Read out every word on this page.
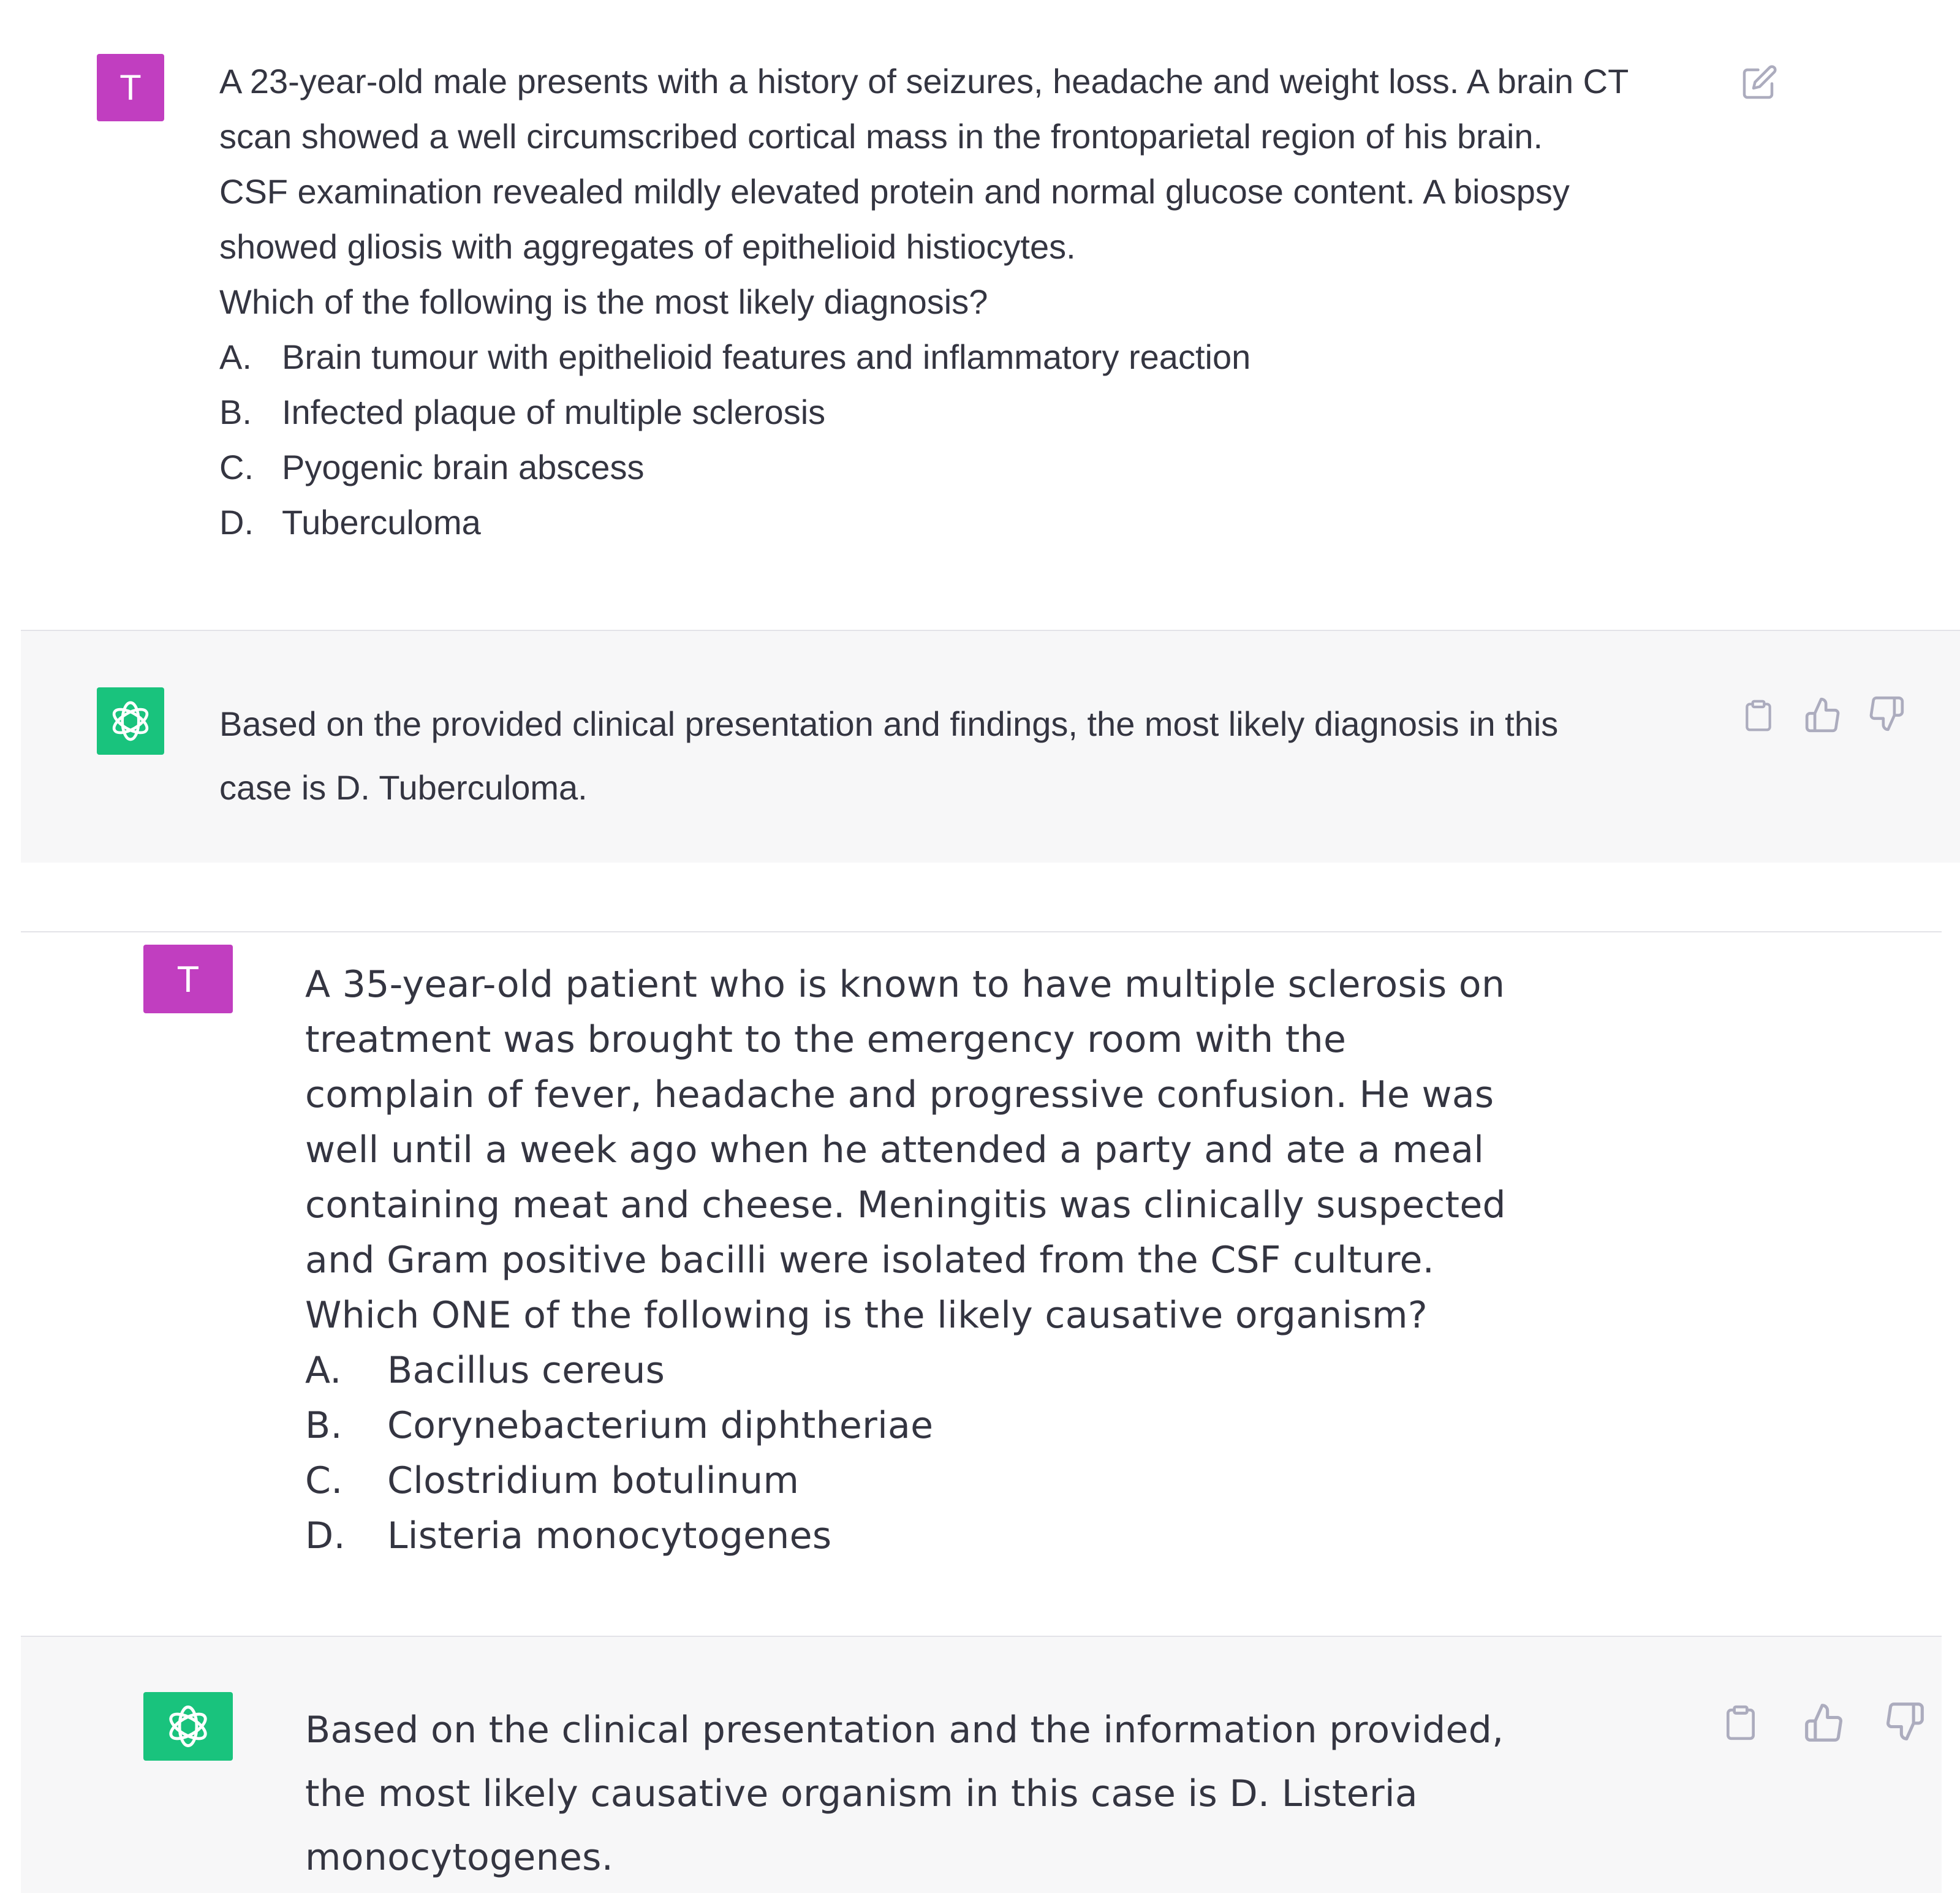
T A 23-year-old male presents with a history of seizures, headache and weight loss. A brain CT

scan showed a well circumscribed cortical mass in the frontoparietal region of his brain.

CSF examination revealed mildly elevated protein and normal glucose content. A biospsy

showed gliosis with aggregates of epithelioid histiocytes.

Which of the following is the most likely diagnosis?

A. Brain tumour with epithelioid features and inflammatory reaction
B. Infected plaque of multiple sclerosis
C. Pyogenic brain abscess
D. Tuberculoma

Based on the provided clinical presentation and findings, the most likely diagnosis in this

case is D. Tuberculoma.

T	A 35-year-old patient who is known to have multiple sclerosis on

treatment was brought to the emergency room with the

complain of fever, headache and progressive confusion. He was

well until a week ago when he attended a party and ate a meal

containing meat and cheese. Meningitis was clinically suspected

and Gram positive bacilli were isolated from the CSF culture.

Which ONE of the following is the likely causative organism?

A. Bacillus cereus
B. Corynebacterium diphtheriae
C. Clostridium botulinum
D. Listeria monocytogenes

Based on the clinical presentation and the information provided,

the most likely causative organism in this case is D. Listeria

monocytogenes.
